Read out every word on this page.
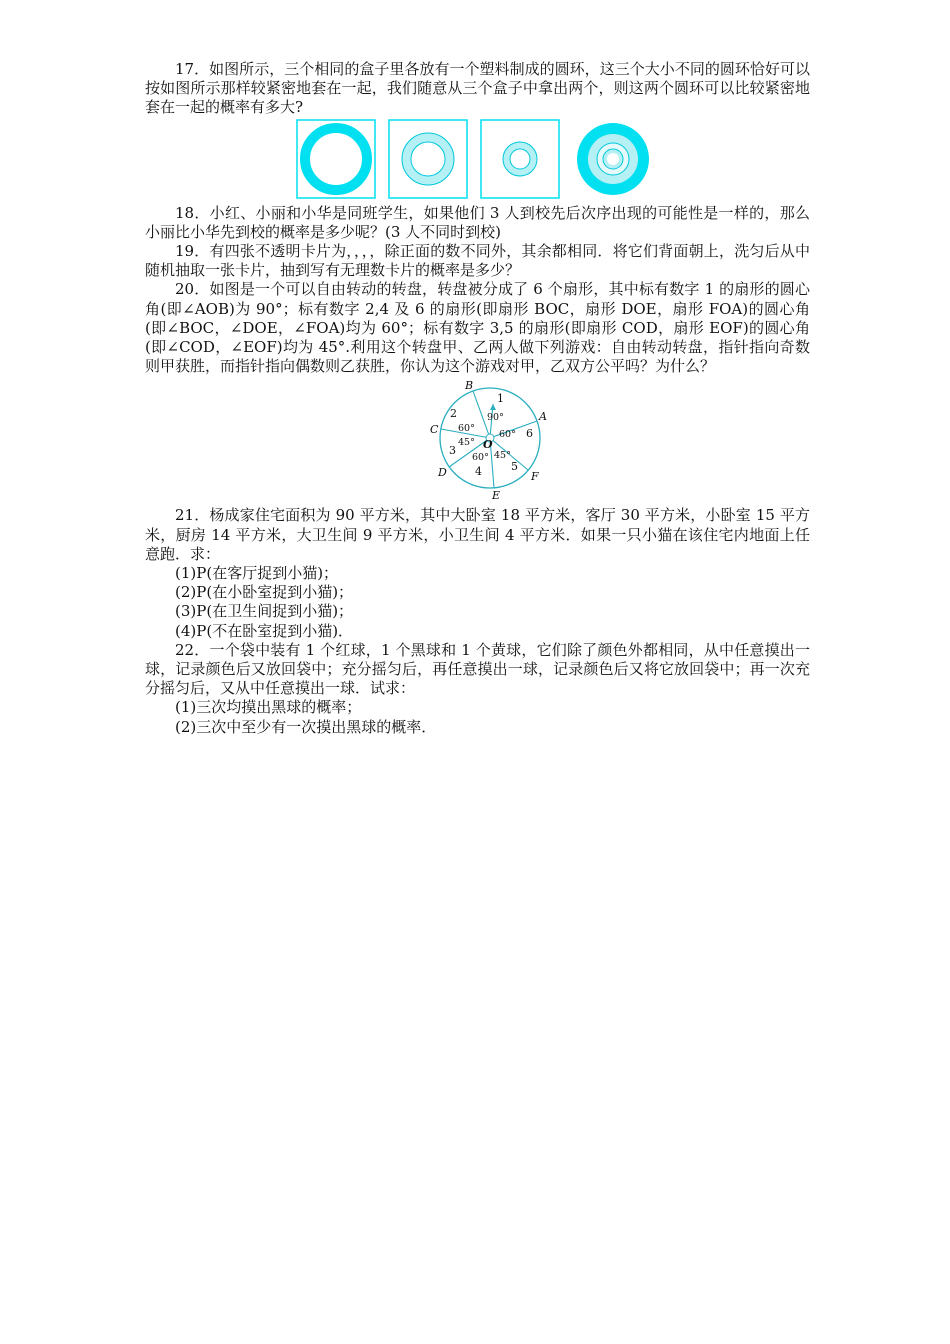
17．如图所示，三个相同的盒子里各放有一个塑料制成的圆环，这三个大小不同的圆环恰好可以按如图所示那样较紧密地套在一起，我们随意从三个盒子中拿出两个，则这两个圆环可以比较紧密地套在一起的概率有多大?

18．小红、小丽和小华是同班学生，如果他们 3 人到校先后次序出现的可能性是一样的，那么小丽比小华先到校的概率是多少呢？(3 人不同时到校)

19．有四张不透明卡片为，，，，除正面的数不同外，其余都相同．将它们背面朝上，洗匀后从中随机抽取一张卡片，抽到写有无理数卡片的概率是多少？

20．如图是一个可以自由转动的转盘，转盘被分成了 6 个扇形，其中标有数字 1 的扇形的圆心角(即∠AOB)为 90°；标有数字 2,4 及 6 的扇形(即扇形 BOC，扇形 DOE，扇形 FOA)的圆心角(即∠BOC，∠DOE，∠FOA)均为 60°；标有数字 3,5 的扇形(即扇形 COD，扇形 EOF)的圆心角(即∠COD，∠EOF)均为 45°.利用这个转盘甲、乙两人做下列游戏：自由转动转盘，指针指向奇数则甲获胜，而指针指向偶数则乙获胜，你认为这个游戏对甲，乙双方公平吗？为什么？

A
B
C
D
E
F
O
1
2
3
4	5
6
90°
60°
60°
45°
60° 45°

21．杨成家住宅面积为 90 平方米，其中大卧室 18 平方米，客厅 30 平方米，小卧室 15 平方米，厨房 14 平方米，大卫生间 9 平方米，小卫生间 4 平方米．如果一只小猫在该住宅内地面上任意跑．求：

(1)P(在客厅捉到小猫)；

(2)P(在小卧室捉到小猫)；

(3)P(在卫生间捉到小猫)；

(4)P(不在卧室捉到小猫)．

22．一个袋中装有 1 个红球，1 个黑球和 1 个黄球，它们除了颜色外都相同，从中任意摸出一球，记录颜色后又放回袋中；充分摇匀后，再任意摸出一球，记录颜色后又将它放回袋中；再一次充分摇匀后，又从中任意摸出一球．试求：

(1)三次均摸出黑球的概率；

(2)三次中至少有一次摸出黑球的概率．
